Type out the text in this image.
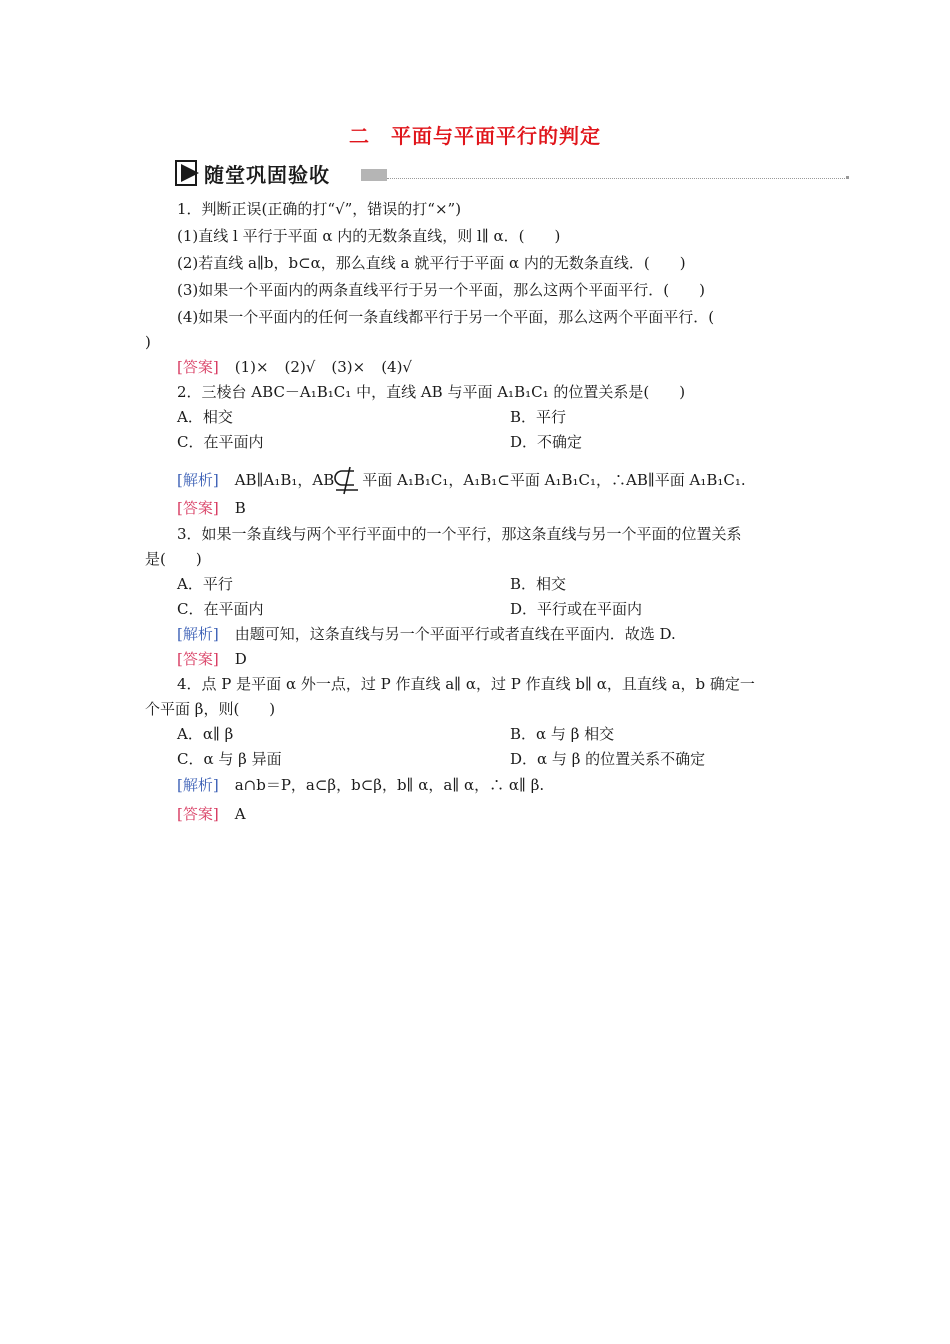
二　平面与平面平行的判定
随堂巩固验收
1．判断正误(正确的打“√”，错误的打“×”)
(1)直线 l 平行于平面 α 内的无数条直线，则 l∥ α．(　　)
(2)若直线 a∥b，b⊂α，那么直线 a 就平行于平面 α 内的无数条直线．(　　)
(3)如果一个平面内的两条直线平行于另一个平面，那么这两个平面平行．(　　)
(4)如果一个平面内的任何一条直线都平行于另一个平面，那么这两个平面平行．(
)
[答案] (1)× (2)√ (3)× (4)√
2．三棱台 ABC－A₁B₁C₁ 中，直线 AB 与平面 A₁B₁C₁ 的位置关系是(　　)
A．相交	B．平行
C．在平面内	D．不确定
[解析] AB∥A₁B₁，AB 平面 A₁B₁C₁，A₁B₁⊂平面 A₁B₁C₁，∴AB∥平面 A₁B₁C₁.
[答案] B
3．如果一条直线与两个平行平面中的一个平行，那这条直线与另一个平面的位置关系
是(　　)
A．平行	B．相交
C．在平面内	D．平行或在平面内
[解析] 由题可知，这条直线与另一个平面平行或者直线在平面内．故选 D.
[答案] D
4．点 P 是平面 α 外一点，过 P 作直线 a∥ α，过 P 作直线 b∥ α，且直线 a，b 确定一
个平面 β，则(　　)
A．α∥ β	B．α 与 β 相交
C．α 与 β 异面	D．α 与 β 的位置关系不确定
[解析] a∩b＝P，a⊂β，b⊂β，b∥ α，a∥ α，∴ α∥ β.
[答案] A
